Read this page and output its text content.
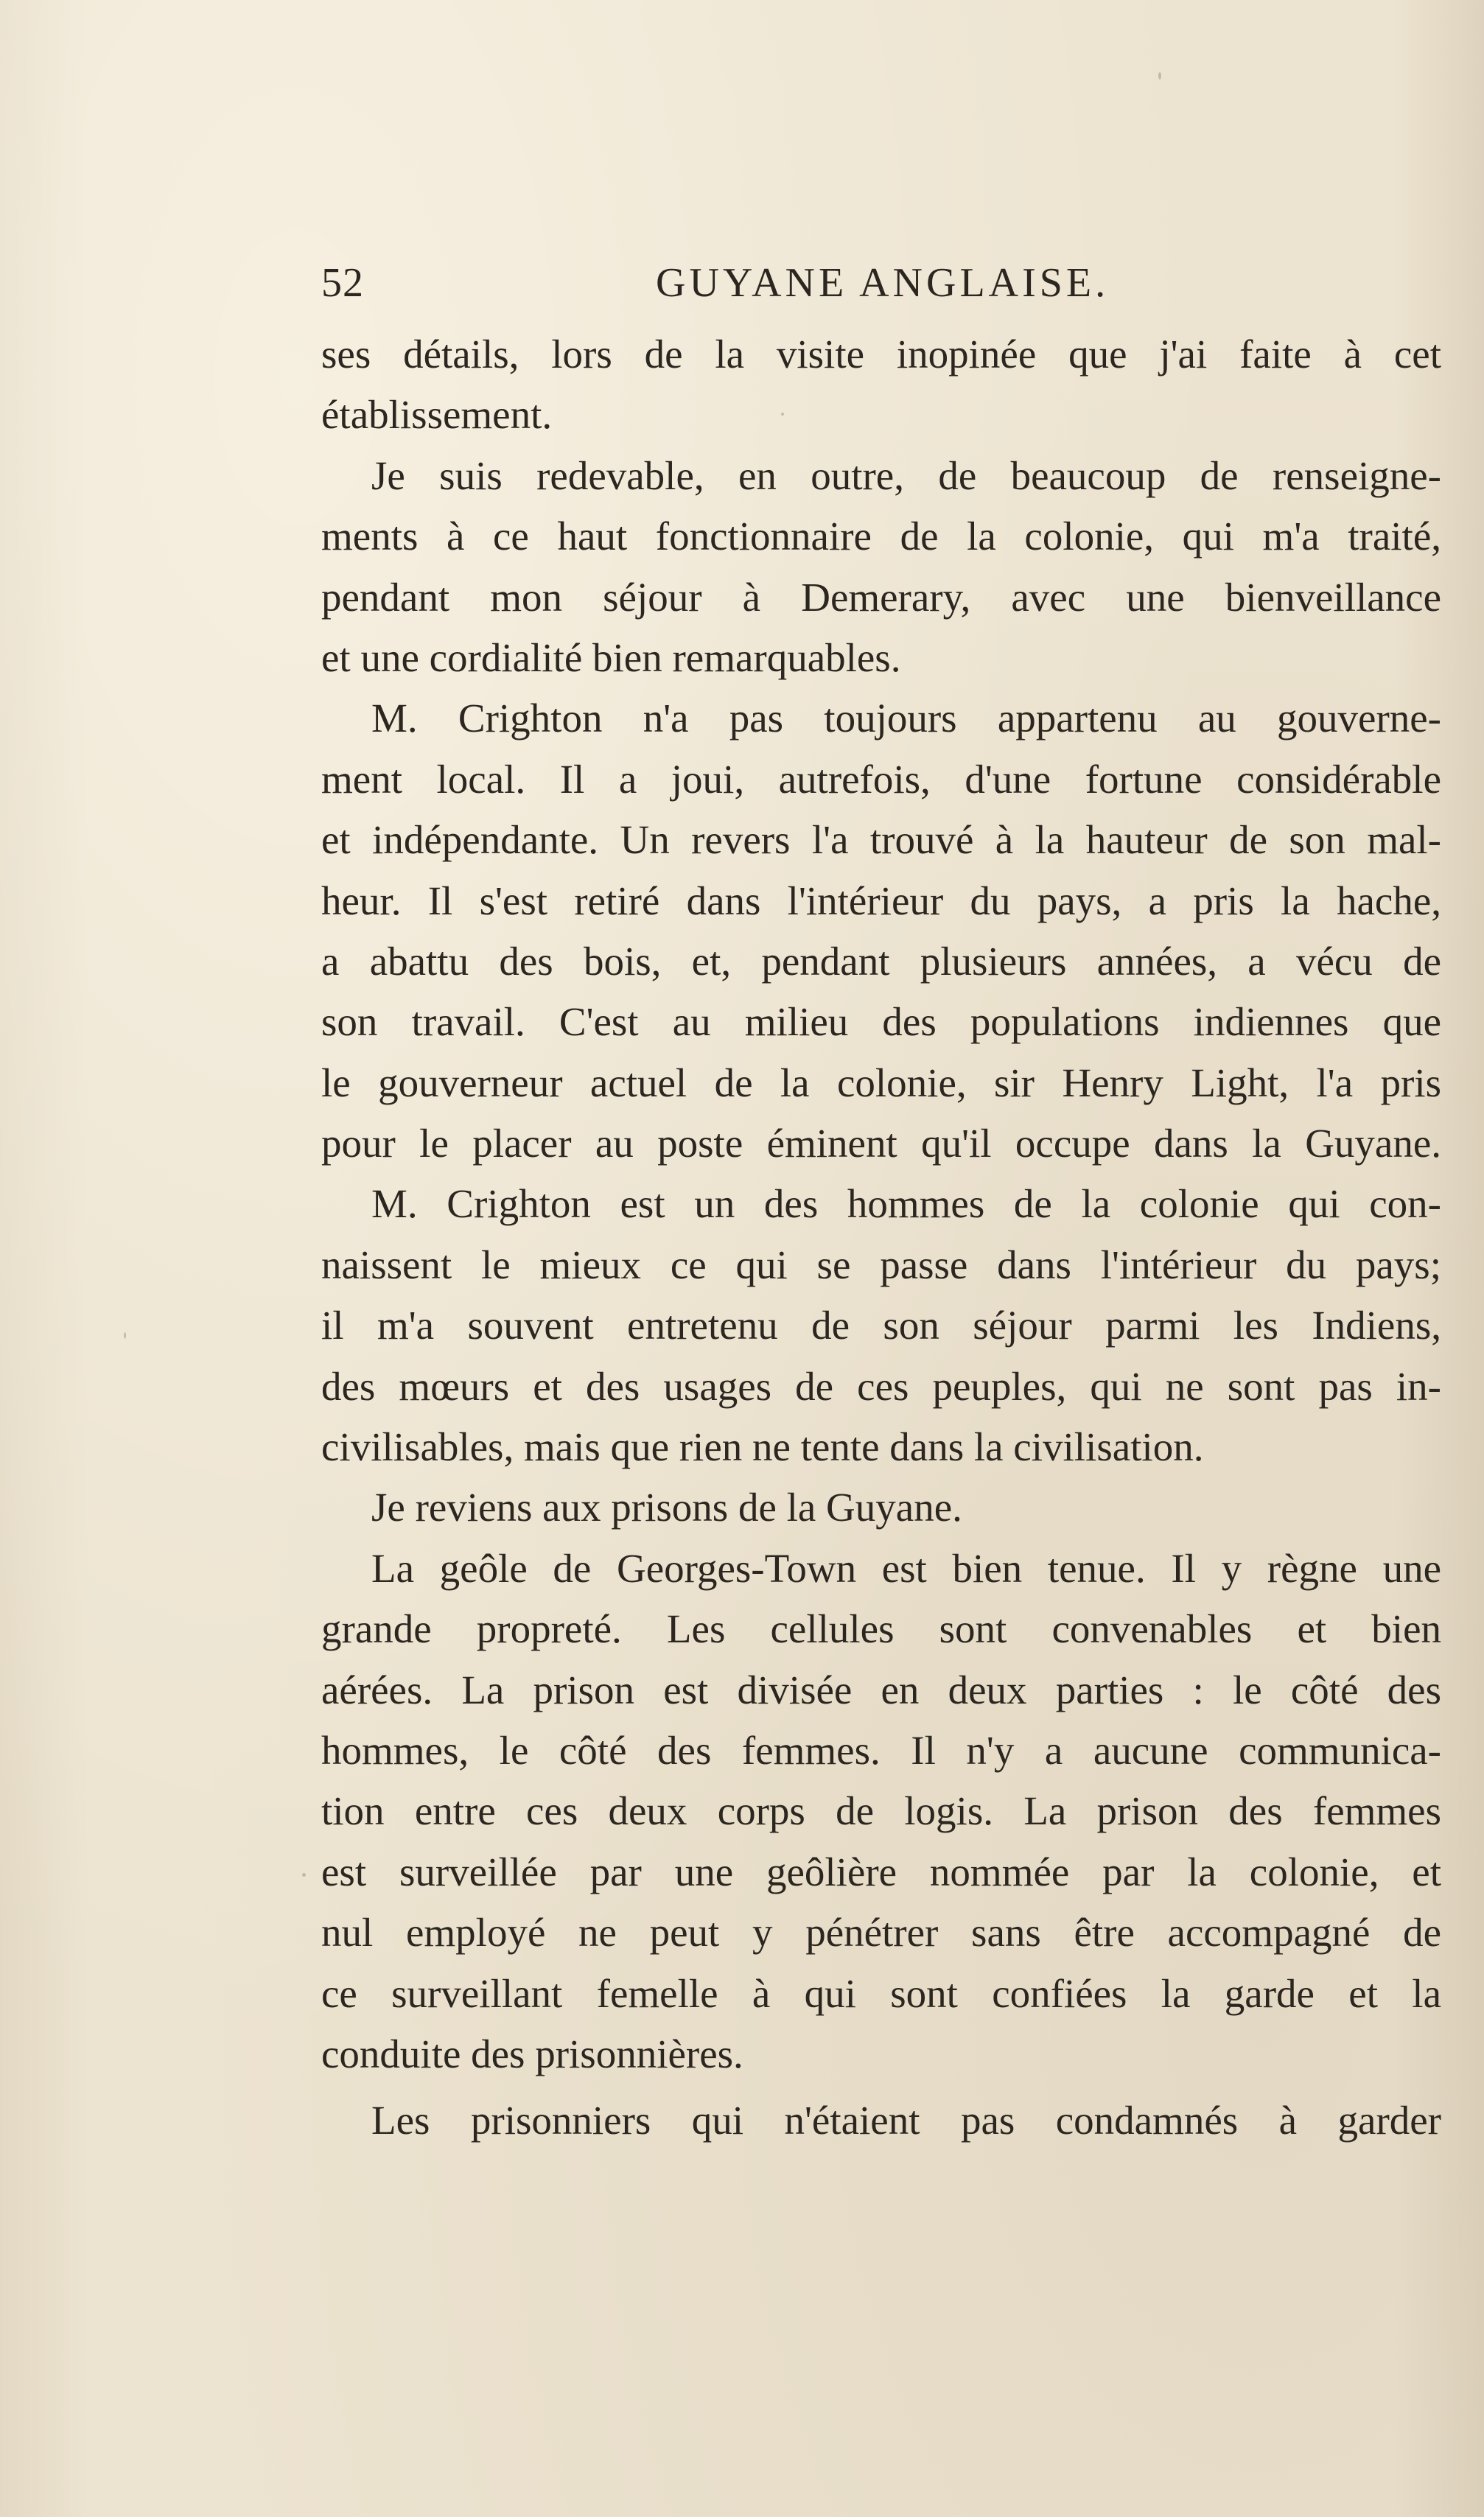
52	GUYANE ANGLAISE.
ses détails, lors de la visite inopinée que j'ai faite à cet
établissement.
Je suis redevable, en outre, de beaucoup de renseigne-
ments à ce haut fonctionnaire de la colonie, qui m'a traité,
pendant mon séjour à Demerary, avec une bienveillance
et une cordialité bien remarquables.
M. Crighton n'a pas toujours appartenu au gouverne-
ment local. Il a joui, autrefois, d'une fortune considérable
et indépendante. Un revers l'a trouvé à la hauteur de son mal-
heur. Il s'est retiré dans l'intérieur du pays, a pris la hache,
a abattu des bois, et, pendant plusieurs années, a vécu de
son travail. C'est au milieu des populations indiennes que
le gouverneur actuel de la colonie, sir Henry Light, l'a pris
pour le placer au poste éminent qu'il occupe dans la Guyane.
M. Crighton est un des hommes de la colonie qui con-
naissent le mieux ce qui se passe dans l'intérieur du pays;
il m'a souvent entretenu de son séjour parmi les Indiens,
des mœurs et des usages de ces peuples, qui ne sont pas in-
civilisables, mais que rien ne tente dans la civilisation.
Je reviens aux prisons de la Guyane.
La geôle de Georges-Town est bien tenue. Il y règne une
grande propreté. Les cellules sont convenables et bien
aérées. La prison est divisée en deux parties : le côté des
hommes, le côté des femmes. Il n'y a aucune communica-
tion entre ces deux corps de logis. La prison des femmes
est surveillée par une geôlière nommée par la colonie, et
nul employé ne peut y pénétrer sans être accompagné de
ce surveillant femelle à qui sont confiées la garde et la
conduite des prisonnières.
Les prisonniers qui n'étaient pas condamnés à garder
